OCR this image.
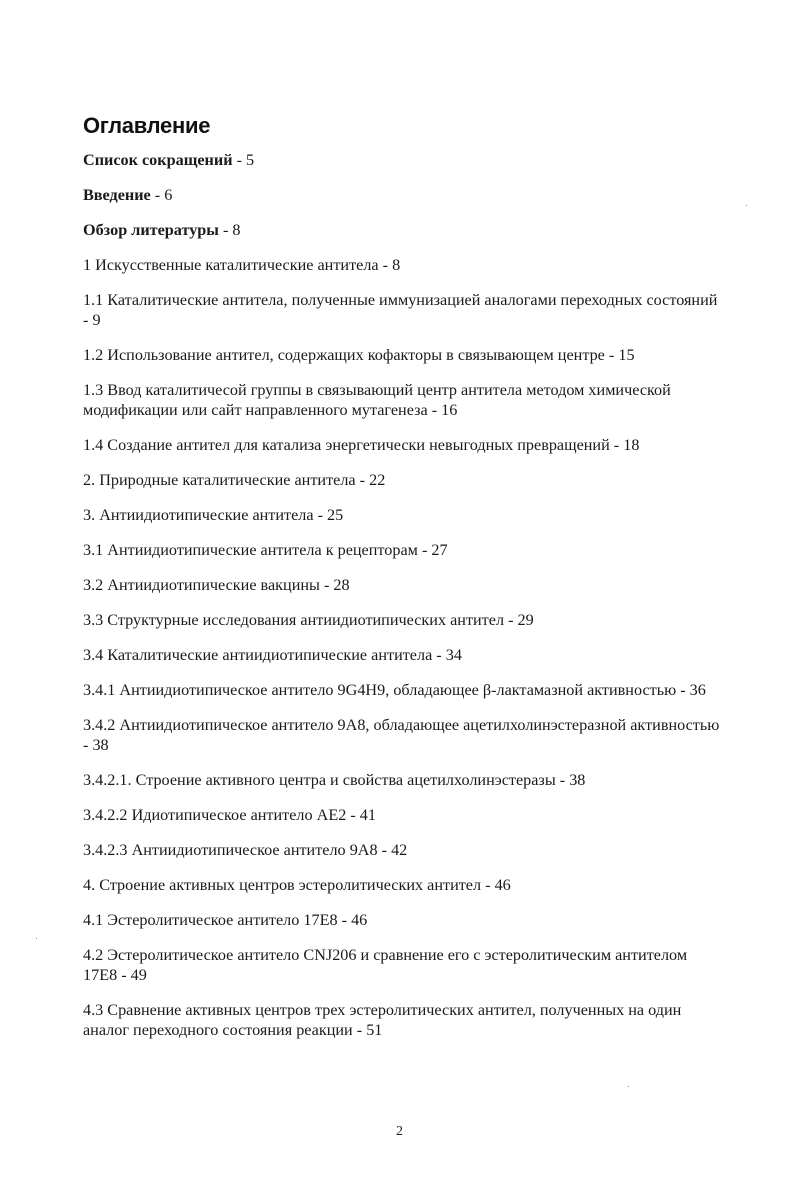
Оглавление
Список сокращений - 5
Введение - 6
Обзор литературы - 8
1 Искусственные каталитические антитела - 8
1.1 Каталитические антитела, полученные иммунизацией аналогами переходных состояний - 9
1.2 Использование антител, содержащих кофакторы в связывающем центре - 15
1.3 Ввод каталитичесой группы в связывающий центр антитела методом химической модификации или сайт направленного мутагенеза - 16
1.4 Создание антител для катализа энергетически невыгодных превращений - 18
2. Природные каталитические антитела - 22
3. Антиидиотипические антитела - 25
3.1 Антиидиотипические антитела к рецепторам - 27
3.2 Антиидиотипические вакцины - 28
3.3 Структурные исследования антиидиотипических антител - 29
3.4 Каталитические антиидиотипические антитела - 34
3.4.1 Антиидиотипическое антитело 9G4H9, обладающее β-лактамазной активностью - 36
3.4.2 Антиидиотипическое антитело 9А8, обладающее ацетилхолинэстеразной активностью - 38
3.4.2.1. Строение активного центра и свойства ацетилхолинэстеразы - 38
3.4.2.2 Идиотипическое антитело АЕ2 - 41
3.4.2.3 Антиидиотипическое антитело 9А8 - 42
4. Строение активных центров эстеролитических антител - 46
4.1 Эстеролитическое антитело 17Е8 - 46
4.2 Эстеролитическое антитело CNJ206 и сравнение его с эстеролитическим антителом 17Е8 - 49
4.3 Сравнение активных центров трех эстеролитических антител, полученных на один аналог переходного состояния реакции - 51
2
